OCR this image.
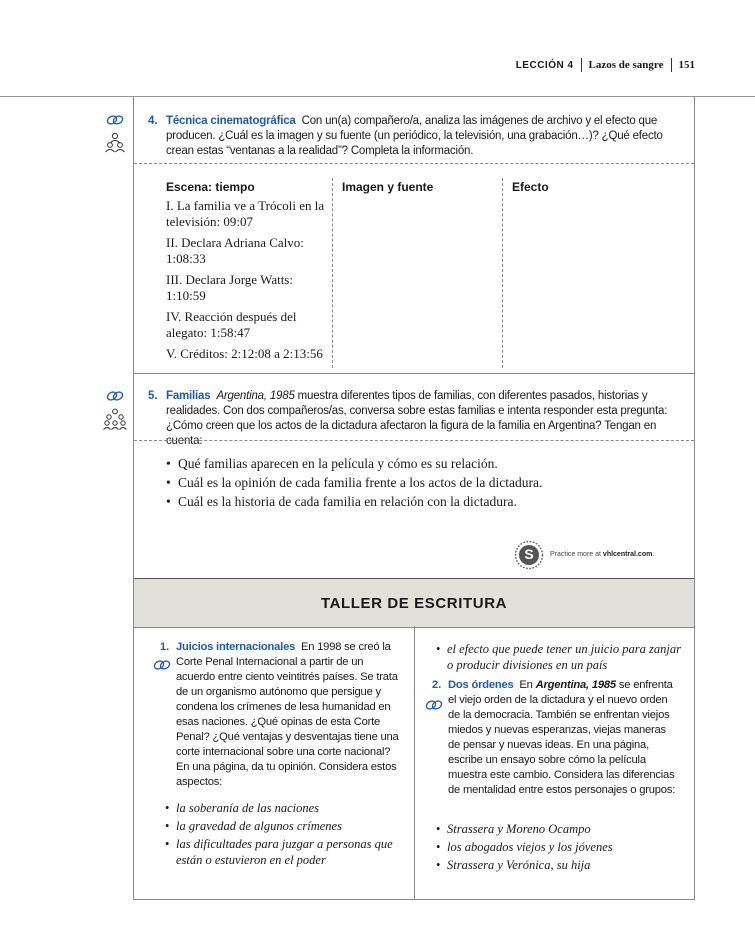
LECCIÓN 4 Lazos de sangre 151
4. Técnica cinematográfica Con un(a) compañero/a, analiza las imágenes de archivo y el efecto que producen. ¿Cuál es la imagen y su fuente (un periódico, la televisión, una grabación…)? ¿Qué efecto crean estas “ventanas a la realidad”? Completa la información.
Escena: tiempo	Imagen y fuente	Efecto
I. La familia ve a Trócoli en la televisión: 09:07
II. Declara Adriana Calvo: 1:08:33
III. Declara Jorge Watts: 1:10:59
IV. Reacción después del alegato: 1:58:47
V. Créditos: 2:12:08 a 2:13:56
5. Familias Argentina, 1985 muestra diferentes tipos de familias, con diferentes pasados, historias y realidades. Con dos compañeros/as, conversa sobre estas familias e intenta responder esta pregunta: ¿Cómo creen que los actos de la dictadura afectaron la figura de la familia en Argentina? Tengan en cuenta:
• Qué familias aparecen en la película y cómo es su relación.
• Cuál es la opinión de cada familia frente a los actos de la dictadura.
• Cuál es la historia de cada familia en relación con la dictadura.
S	Practice more at vhlcentral.com.
TALLER DE ESCRITURA
1. Juicios internacionales En 1998 se creó la Corte Penal Internacional a partir de un acuerdo entre ciento veintitrés países. Se trata de un organismo autónomo que persigue y condena los crímenes de lesa humanidad en esas naciones. ¿Qué opinas de esta Corte Penal? ¿Qué ventajas y desventajas tiene una corte internacional sobre una corte nacional? En una página, da tu opinión. Considera estos aspectos:
• la soberanía de las naciones
• la gravedad de algunos crímenes
• las dificultades para juzgar a personas que están o estuvieron en el poder
• el efecto que puede tener un juicio para zanjar o producir divisiones en un país
2. Dos órdenes En Argentina, 1985 se enfrenta el viejo orden de la dictadura y el nuevo orden de la democracia. También se enfrentan viejos miedos y nuevas esperanzas, viejas maneras de pensar y nuevas ideas. En una página, escribe un ensayo sobre cómo la película muestra este cambio. Considera las diferencias de mentalidad entre estos personajes o grupos:
• Strassera y Moreno Ocampo
• los abogados viejos y los jóvenes
• Strassera y Verónica, su hija
